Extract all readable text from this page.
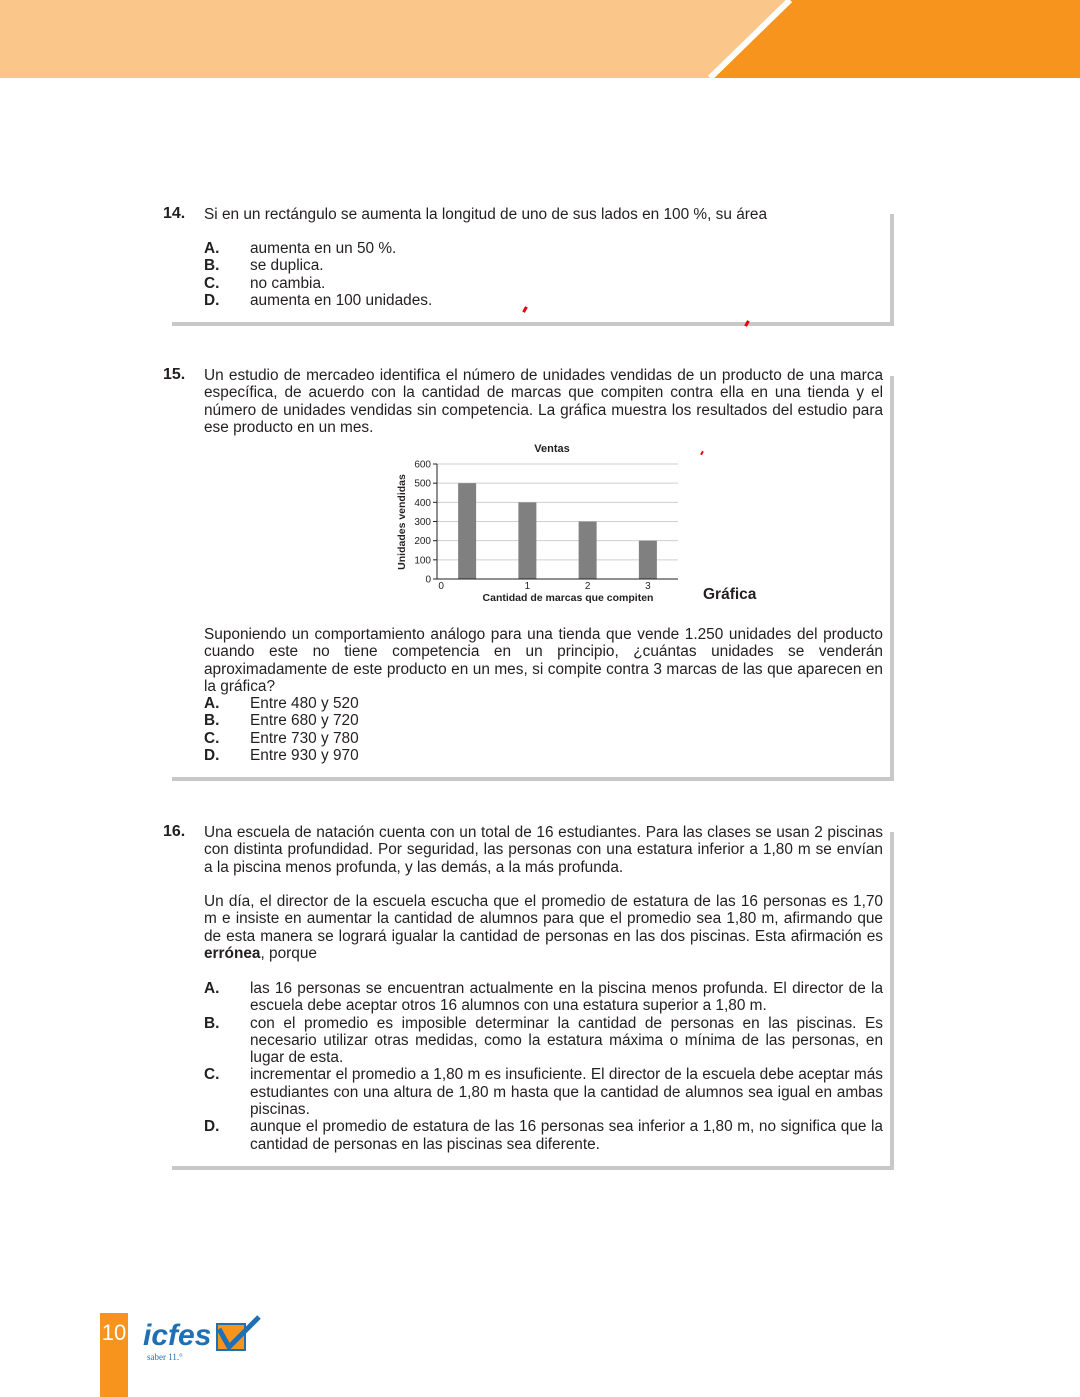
14. Si en un rectángulo se aumenta la longitud de uno de sus lados en 100 %, su área
A.	aumenta en un 50 %.
B.	se duplica.
C.	no cambia.
D.	aumenta en 100 unidades.
15. Un estudio de mercadeo identifica el número de unidades vendidas de un producto de una marca específica, de acuerdo con la cantidad de marcas que compiten contra ella en una tienda y el número de unidades vendidas sin competencia. La gráfica muestra los resultados del estudio para ese producto en un mes.
Ventas
0
100
200
300
400
500
600
0	1	2	3
Unidades vendidas
Cantidad de marcas que compiten	Gráfica
Suponiendo un comportamiento análogo para una tienda que vende 1.250 unidades del producto cuando este no tiene competencia en un principio, ¿cuántas unidades se venderán aproximadamente de este producto en un mes, si compite contra 3 marcas de las que aparecen en la gráfica?
A.	Entre 480 y 520
B.	Entre 680 y 720
C.	Entre 730 y 780
D.	Entre 930 y 970
16. Una escuela de natación cuenta con un total de 16 estudiantes. Para las clases se usan 2 piscinas con distinta profundidad. Por seguridad, las personas con una estatura inferior a 1,80 m se envían a la piscina menos profunda, y las demás, a la más profunda.
Un día, el director de la escuela escucha que el promedio de estatura de las 16 personas es 1,70 m e insiste en aumentar la cantidad de alumnos para que el promedio sea 1,80 m, afirmando que de esta manera se logrará igualar la cantidad de personas en las dos piscinas. Esta afirmación es errónea, porque
A.	las 16 personas se encuentran actualmente en la piscina menos profunda. El director de la escuela debe aceptar otros 16 alumnos con una estatura superior a 1,80 m.
B.	con el promedio es imposible determinar la cantidad de personas en las piscinas. Es necesario utilizar otras medidas, como la estatura máxima o mínima de las personas, en lugar de esta.
C.	incrementar el promedio a 1,80 m es insuficiente. El director de la escuela debe aceptar más estudiantes con una altura de 1,80 m hasta que la cantidad de alumnos sea igual en ambas piscinas.
D.	aunque el promedio de estatura de las 16 personas sea inferior a 1,80 m, no significa que la cantidad de personas en las piscinas sea diferente.
10 icfes
saber 11.°
